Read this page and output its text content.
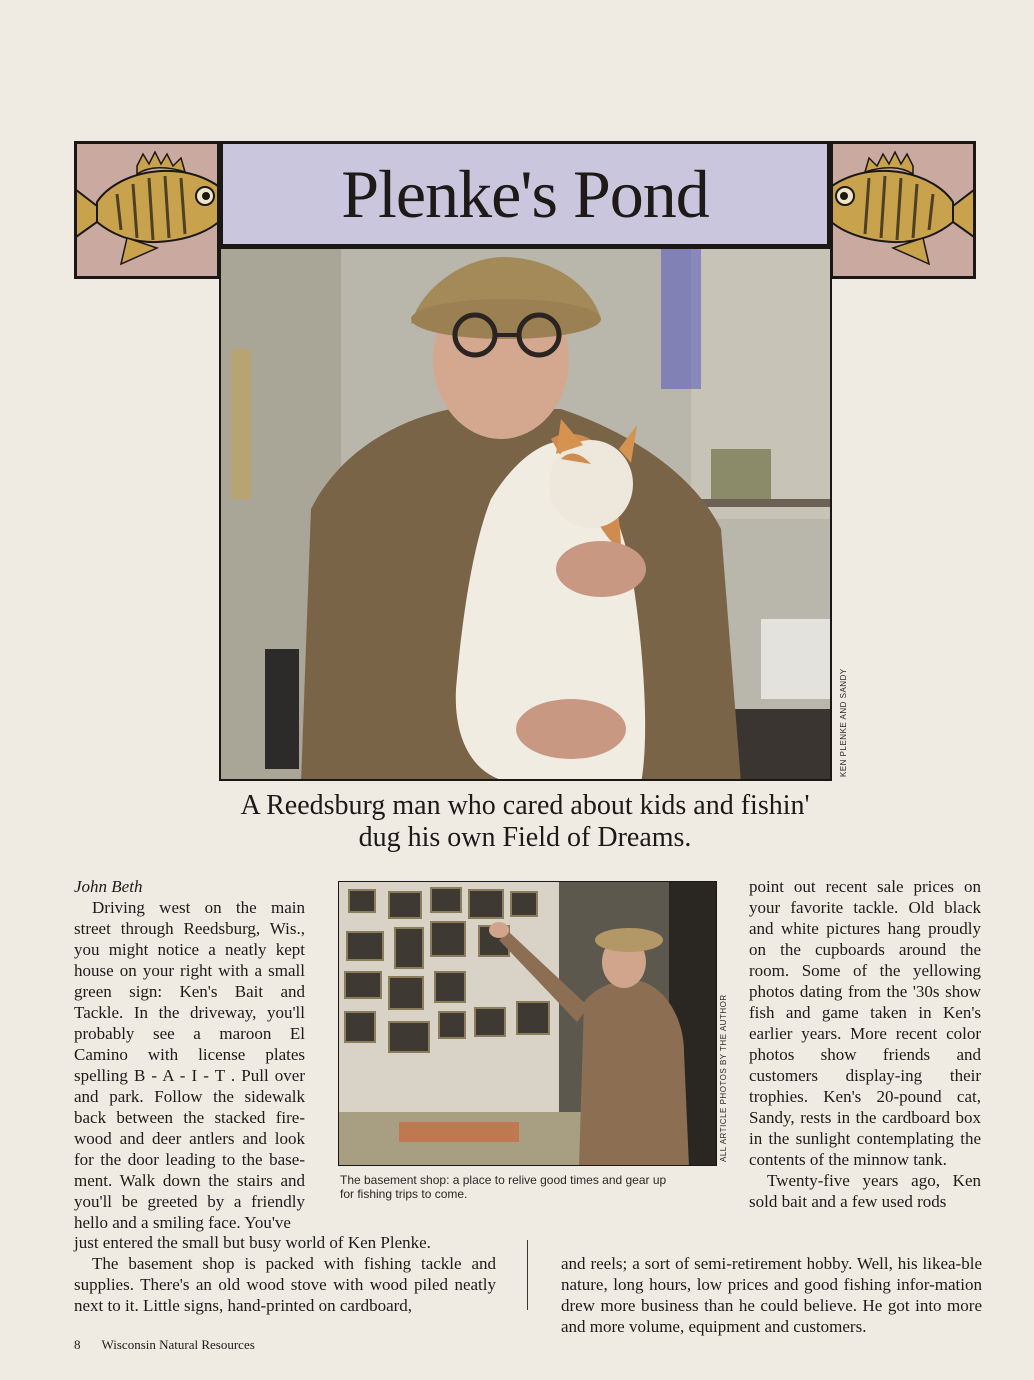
Plenke's Pond
KEN PLENKE AND SANDY
A Reedsburg man who cared about kids and fishin'
dug his own Field of Dreams.

John Beth

Driving west on the main street through Reedsburg, Wis., you might notice a neatly kept house on your right with a small green sign: Ken's Bait and Tackle. In the driveway, you'll probably see a maroon El Camino with license plates spelling B - A - I - T . Pull over and park. Follow the sidewalk back between the stacked fire-wood and deer antlers and look for the door leading to the base-ment. Walk down the stairs and you'll be greeted by a friendly hello and a smiling face. You've

ALL ARTICLE PHOTOS BY THE AUTHOR
The basement shop: a place to relive good times and gear up
for fishing trips to come.

point out recent sale prices on your favorite tackle. Old black and white pictures hang proudly on the cupboards around the room. Some of the yellowing photos dating from the '30s show fish and game taken in Ken's earlier years. More recent color photos show friends and customers display-ing their trophies. Ken's 20-pound cat, Sandy, rests in the cardboard box in the sunlight contemplating the contents of the minnow tank.

Twenty-five years ago, Ken sold bait and a few used rods

just entered the small but busy world of Ken Plenke.

The basement shop is packed with fishing tackle and supplies. There's an old wood stove with wood piled neatly next to it. Little signs, hand-printed on cardboard,

and reels; a sort of semi-retirement hobby. Well, his likea-ble nature, long hours, low prices and good fishing infor-mation drew more business than he could believe. He got into more and more volume, equipment and customers.

8 Wisconsin Natural Resources
